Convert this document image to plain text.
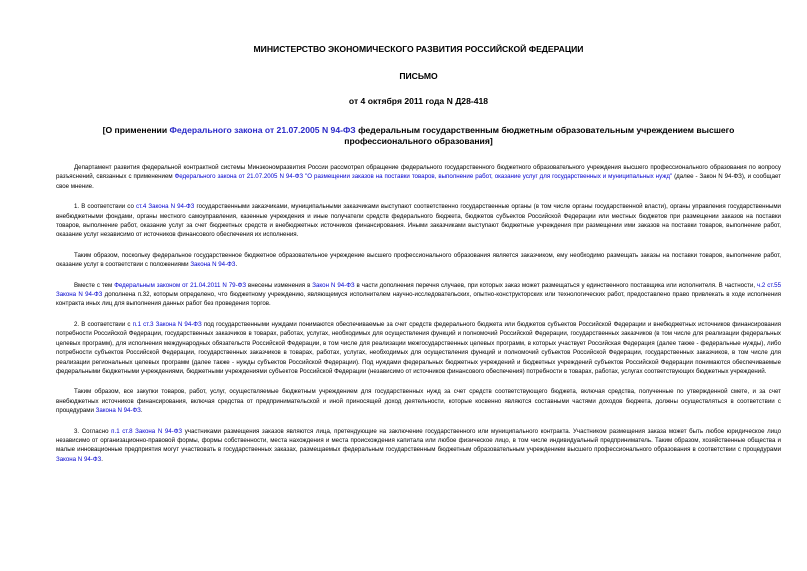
МИНИСТЕРСТВО ЭКОНОМИЧЕСКОГО РАЗВИТИЯ РОССИЙСКОЙ ФЕДЕРАЦИИ
ПИСЬМО
от 4 октября 2011 года N Д28-418
[О применении Федерального закона от 21.07.2005 N 94-ФЗ федеральным государственным бюджетным образовательным учреждением высшего профессионального образования]

Департамент развития федеральной контрактной системы Минэкономразвития России рассмотрел обращение федерального государственного бюджетного образовательного учреждения высшего профессионального образования по вопросу разъяснений, связанных с применением Федерального закона от 21.07.2005 N 94-ФЗ "О размещении заказов на поставки товаров, выполнение работ, оказание услуг для государственных и муниципальных нужд" (далее - Закон N 94-ФЗ), и сообщает свое мнение.

1. В соответствии со ст.4 Закона N 94-ФЗ государственными заказчиками, муниципальными заказчиками выступают соответственно государственные органы (в том числе органы государственной власти), органы управления государственными внебюджетными фондами, органы местного самоуправления, казенные учреждения и иные получатели средств федерального бюджета, бюджетов субъектов Российской Федерации или местных бюджетов при размещении заказов на поставки товаров, выполнение работ, оказание услуг за счет бюджетных средств и внебюджетных источников финансирования. Иными заказчиками выступают бюджетные учреждения при размещении ими заказов на поставки товаров, выполнение работ, оказание услуг независимо от источников финансового обеспечения их исполнения.

Таким образом, поскольку федеральное государственное бюджетное образовательное учреждение высшего профессионального образования является заказчиком, ему необходимо размещать заказы на поставки товаров, выполнение работ, оказание услуг в соответствии с положениями Закона N 94-ФЗ.

Вместе с тем Федеральным законом от 21.04.2011 N 79-ФЗ внесены изменения в Закон N 94-ФЗ в части дополнения перечня случаев, при которых заказ может размещаться у единственного поставщика или исполнителя. В частности, ч.2 ст.55 Закона N 94-ФЗ дополнена п.32, которым определено, что бюджетному учреждению, являющемуся исполнителем научно-исследовательских, опытно-конструкторских или технологических работ, предоставлено право привлекать в ходе исполнения контракта иных лиц для выполнения данных работ без проведения торгов.

2. В соответствии с п.1 ст.3 Закона N 94-ФЗ под государственными нуждами понимаются обеспечиваемые за счет средств федерального бюджета или бюджетов субъектов Российской Федерации и внебюджетных источников финансирования потребности Российской Федерации, государственных заказчиков в товарах, работах, услугах, необходимых для осуществления функций и полномочий Российской Федерации, государственных заказчиков (в том числе для реализации федеральных целевых программ), для исполнения международных обязательств Российской Федерации, в том числе для реализации межгосударственных целевых программ, в которых участвует Российская Федерация (далее также - федеральные нужды), либо потребности субъектов Российской Федерации, государственных заказчиков в товарах, работах, услугах, необходимых для осуществления функций и полномочий субъектов Российской Федерации, государственных заказчиков, в том числе для реализации региональных целевых программ (далее также - нужды субъектов Российской Федерации). Под нуждами федеральных бюджетных учреждений и бюджетных учреждений субъектов Российской Федерации понимаются обеспечиваемые федеральными бюджетными учреждениями, бюджетными учреждениями субъектов Российской Федерации (независимо от источников финансового обеспечения) потребности в товарах, работах, услугах соответствующих бюджетных учреждений.

Таким образом, все закупки товаров, работ, услуг, осуществляемые бюджетным учреждением для государственных нужд за счет средств соответствующего бюджета, включая средства, полученные по утвержденной смете, и за счет внебюджетных источников финансирования, включая средства от предпринимательской и иной приносящей доход деятельности, которые косвенно являются составными частями доходов бюджета, должны осуществляться в соответствии с процедурами Закона N 94-ФЗ.

3. Согласно п.1 ст.8 Закона N 94-ФЗ участниками размещения заказов являются лица, претендующие на заключение государственного или муниципального контракта. Участником размещения заказа может быть любое юридическое лицо независимо от организационно-правовой формы, формы собственности, места нахождения и места происхождения капитала или любое физическое лицо, в том числе индивидуальный предприниматель. Таким образом, хозяйственные общества и малые инновационные предприятия могут участвовать в государственных заказах, размещаемых федеральным государственным бюджетным образовательным учреждением высшего профессионального образования в соответствии с процедурами Закона N 94-ФЗ.
